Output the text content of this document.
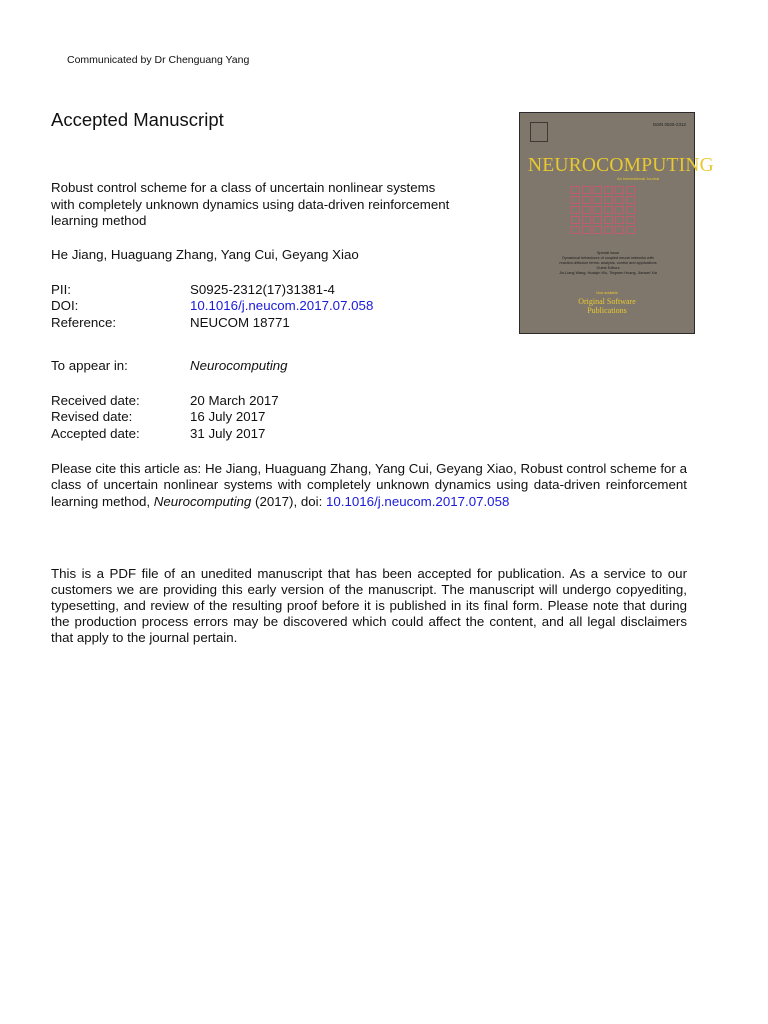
Communicated by Dr Chenguang Yang
Accepted Manuscript	ISSN 0925-2312
NEUROCOMPUTING
An International Journal
Special issue
Dynamical behaviours of coupled neural networks with
reaction-diffusion terms: analysis, control and applications
Guest Editors
Jin-Liang Wang, Huaiqin Wu, Tingwen Huang, Jianwei Xia
Now available
Original Software
Publications
Robust control scheme for a class of uncertain nonlinear systems
with completely unknown dynamics using data-driven reinforcement
learning method
He Jiang, Huaguang Zhang, Yang Cui, Geyang Xiao
PII:	S0925-2312(17)31381-4
DOI:	10.1016/j.neucom.2017.07.058
Reference:	NEUCOM 18771
To appear in:	Neurocomputing
Received date:	20 March 2017
Revised date:	16 July 2017
Accepted date:	31 July 2017
Please cite this article as: He Jiang, Huaguang Zhang, Yang Cui, Geyang Xiao, Robust control scheme for a class of uncertain nonlinear systems with completely unknown dynamics using data-driven reinforcement learning method, Neurocomputing (2017), doi: 10.1016/j.neucom.2017.07.058
This is a PDF file of an unedited manuscript that has been accepted for publication. As a service to our customers we are providing this early version of the manuscript. The manuscript will undergo copyediting, typesetting, and review of the resulting proof before it is published in its final form. Please note that during the production process errors may be discovered which could affect the content, and all legal disclaimers that apply to the journal pertain.
